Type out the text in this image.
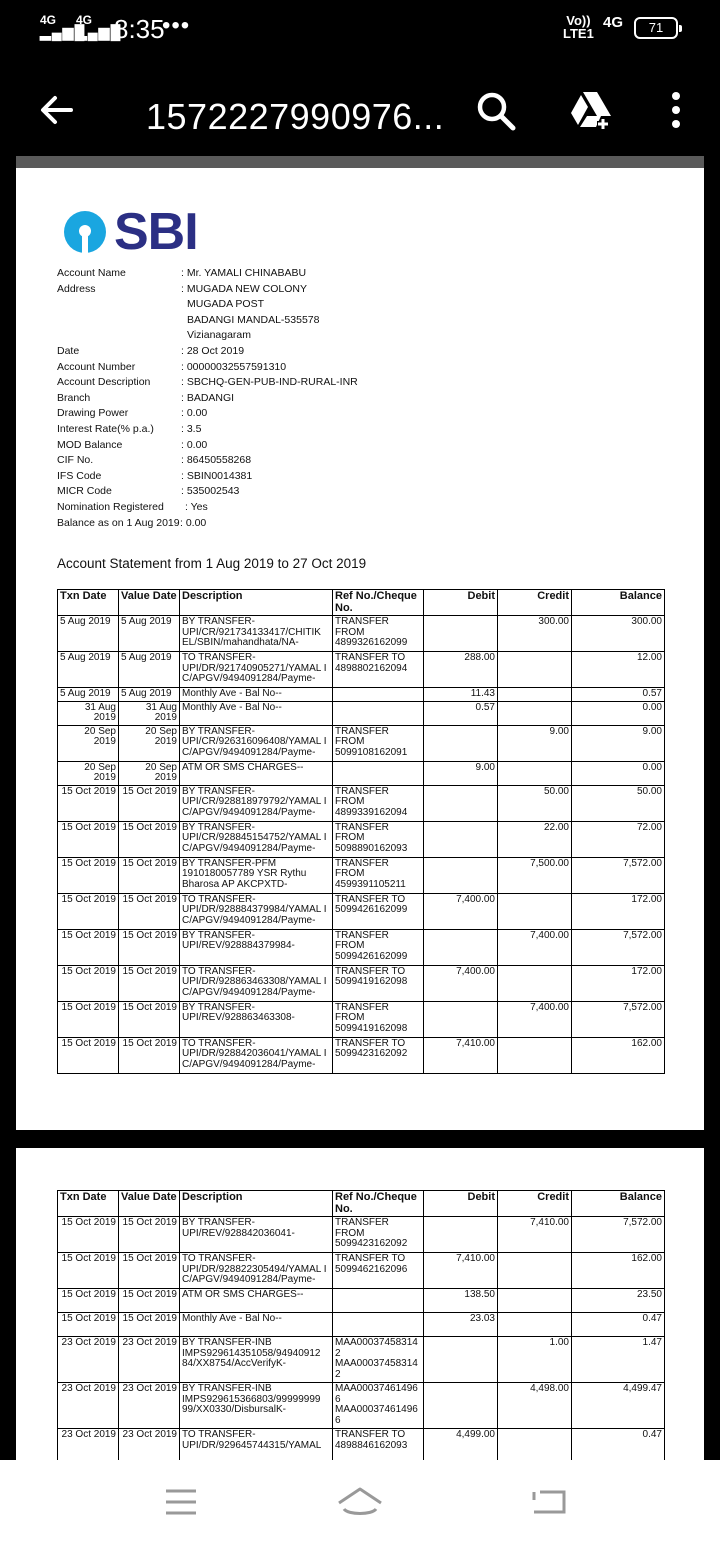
4G
▂▄▆█
4G
▂▄▆█
8:35
•••	Vo))
LTE1
4G	71
1572227990976...
SBI
Account Name	: Mr. YAMALI CHINABABU
Address	: MUGADA NEW COLONY
MUGADA POST
BADANGI MANDAL-535578
Vizianagaram
Date	: 28 Oct 2019
Account Number	: 00000032557591310
Account Description	: SBCHQ-GEN-PUB-IND-RURAL-INR
Branch	: BADANGI
Drawing Power	: 0.00
Interest Rate(% p.a.)	: 3.5
MOD Balance	: 0.00
CIF No.	: 86450558268
IFS Code	: SBIN0014381
MICR Code	: 535002543
Nomination Registered : Yes
Balance as on 1 Aug 2019 : 0.00
Account Statement from 1 Aug 2019 to 27 Oct 2019
Txn Date	Value Date	Description	Ref No./Cheque No.	Debit	Credit	Balance
5 Aug 2019	5 Aug 2019	BY TRANSFER-UPI/CR/921734133417/CHITIK EL/SBIN/mahandhata/NA-	TRANSFER FROM 4899326162099		300.00	300.00
5 Aug 2019	5 Aug 2019	TO TRANSFER-UPI/DR/921740905271/YAMAL I C/APGV/9494091284/Payme-	TRANSFER TO 4898802162094	288.00		12.00
5 Aug 2019	5 Aug 2019	Monthly Ave - Bal No--		11.43		0.57
31 Aug 2019	31 Aug 2019	Monthly Ave - Bal No--		0.57		0.00
20 Sep 2019	20 Sep 2019	BY TRANSFER-UPI/CR/926316096408/YAMAL I C/APGV/9494091284/Payme-	TRANSFER FROM 5099108162091		9.00	9.00
20 Sep 2019	20 Sep 2019	ATM OR SMS CHARGES--		9.00		0.00
15 Oct 2019	15 Oct 2019	BY TRANSFER-UPI/CR/928818979792/YAMAL I C/APGV/9494091284/Payme-	TRANSFER FROM 4899339162094		50.00	50.00
15 Oct 2019	15 Oct 2019	BY TRANSFER-UPI/CR/928845154752/YAMAL I C/APGV/9494091284/Payme-	TRANSFER FROM 5098890162093		22.00	72.00
15 Oct 2019	15 Oct 2019	BY TRANSFER-PFM 1910180057789 YSR Rythu Bharosa AP AKCPXTD-	TRANSFER FROM 4599391105211		7,500.00	7,572.00
15 Oct 2019	15 Oct 2019	TO TRANSFER-UPI/DR/928884379984/YAMAL I C/APGV/9494091284/Payme-	TRANSFER TO 5099426162099	7,400.00		172.00
15 Oct 2019	15 Oct 2019	BY TRANSFER-UPI/REV/928884379984-	TRANSFER FROM 5099426162099		7,400.00	7,572.00
15 Oct 2019	15 Oct 2019	TO TRANSFER-UPI/DR/928863463308/YAMAL I C/APGV/9494091284/Payme-	TRANSFER TO 5099419162098	7,400.00		172.00
15 Oct 2019	15 Oct 2019	BY TRANSFER-UPI/REV/928863463308-	TRANSFER FROM 5099419162098		7,400.00	7,572.00
15 Oct 2019	15 Oct 2019	TO TRANSFER-UPI/DR/928842036041/YAMAL I C/APGV/9494091284/Payme-	TRANSFER TO 5099423162092	7,410.00		162.00
Txn Date	Value Date	Description	Ref No./Cheque No.	Debit	Credit	Balance
15 Oct 2019	15 Oct 2019	BY TRANSFER-UPI/REV/928842036041-	TRANSFER FROM 5099423162092		7,410.00	7,572.00
15 Oct 2019	15 Oct 2019	TO TRANSFER-UPI/DR/928822305494/YAMAL I C/APGV/9494091284/Payme-	TRANSFER TO 5099462162096	7,410.00		162.00
15 Oct 2019	15 Oct 2019	ATM OR SMS CHARGES--		138.50		23.50
15 Oct 2019	15 Oct 2019	Monthly Ave - Bal No--		23.03		0.47
23 Oct 2019	23 Oct 2019	BY TRANSFER-INB IMPS929614351058/94940912 84/XX8754/AccVerifyK-	MAA00037458314 2 MAA00037458314 2		1.00	1.47
23 Oct 2019	23 Oct 2019	BY TRANSFER-INB IMPS929615366803/99999999 99/XX0330/DisbursalK-	MAA00037461496 6 MAA00037461496 6		4,498.00	4,499.47
23 Oct 2019	23 Oct 2019	TO TRANSFER-UPI/DR/929645744315/YAMAL	TRANSFER TO 4898846162093	4,499.00		0.47
